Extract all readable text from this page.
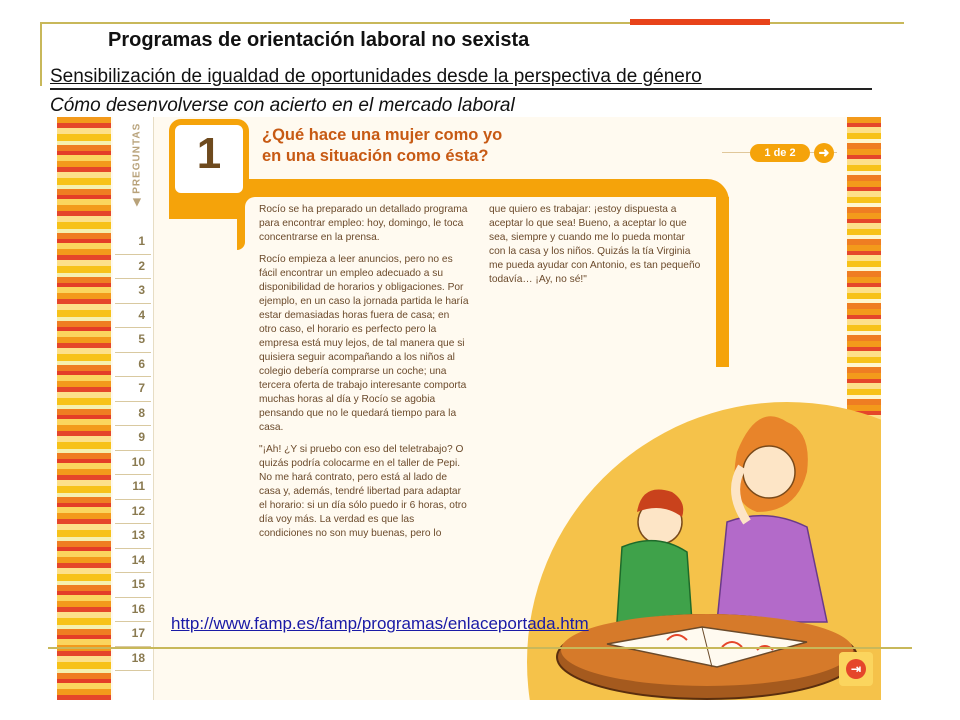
Programas de orientación laboral no sexista
Sensibilización de igualdad de oportunidades desde la perspectiva de género
Cómo desenvolverse con acierto en el mercado laboral
◀ PREGUNTAS
1
2
3
4
5
6
7
8
9
10
11
12
13
14
15
16
17
18
1	¿Qué hace una mujer como yo
en una situación como ésta?	1 de 2	➜

Rocío se ha preparado un detallado programa para encontrar empleo: hoy, domingo, le toca concentrarse en la prensa.

Rocío empieza a leer anuncios, pero no es fácil encontrar un empleo adecuado a su disponibilidad de horarios y obligaciones. Por ejemplo, en un caso la jornada partida le haría estar demasiadas horas fuera de casa; en otro caso, el horario es perfecto pero la empresa está muy lejos, de tal manera que si quisiera seguir acompañando a los niños al colegio debería comprarse un coche; una tercera oferta de trabajo interesante comporta muchas horas al día y Rocío se agobia pensando que no le quedará tiempo para la casa.

"¡Ah! ¿Y si pruebo con eso del teletrabajo? O quizás podría colocarme en el taller de Pepi. No me hará contrato, pero está al lado de casa y, además, tendré libertad para adaptar el horario: si un día sólo puedo ir 6 horas, otro día voy más. La verdad es que las condiciones no son muy buenas, pero lo

que quiero es trabajar: ¡estoy dispuesta a aceptar lo que sea! Bueno, a aceptar lo que sea, siempre y cuando me lo pueda montar con la casa y los niños. Quizás la tía Virginia me pueda ayudar con Antonio, es tan pequeño todavía… ¡Ay, no sé!"

⇥
http://www.famp.es/famp/programas/enlaceportada.htm
